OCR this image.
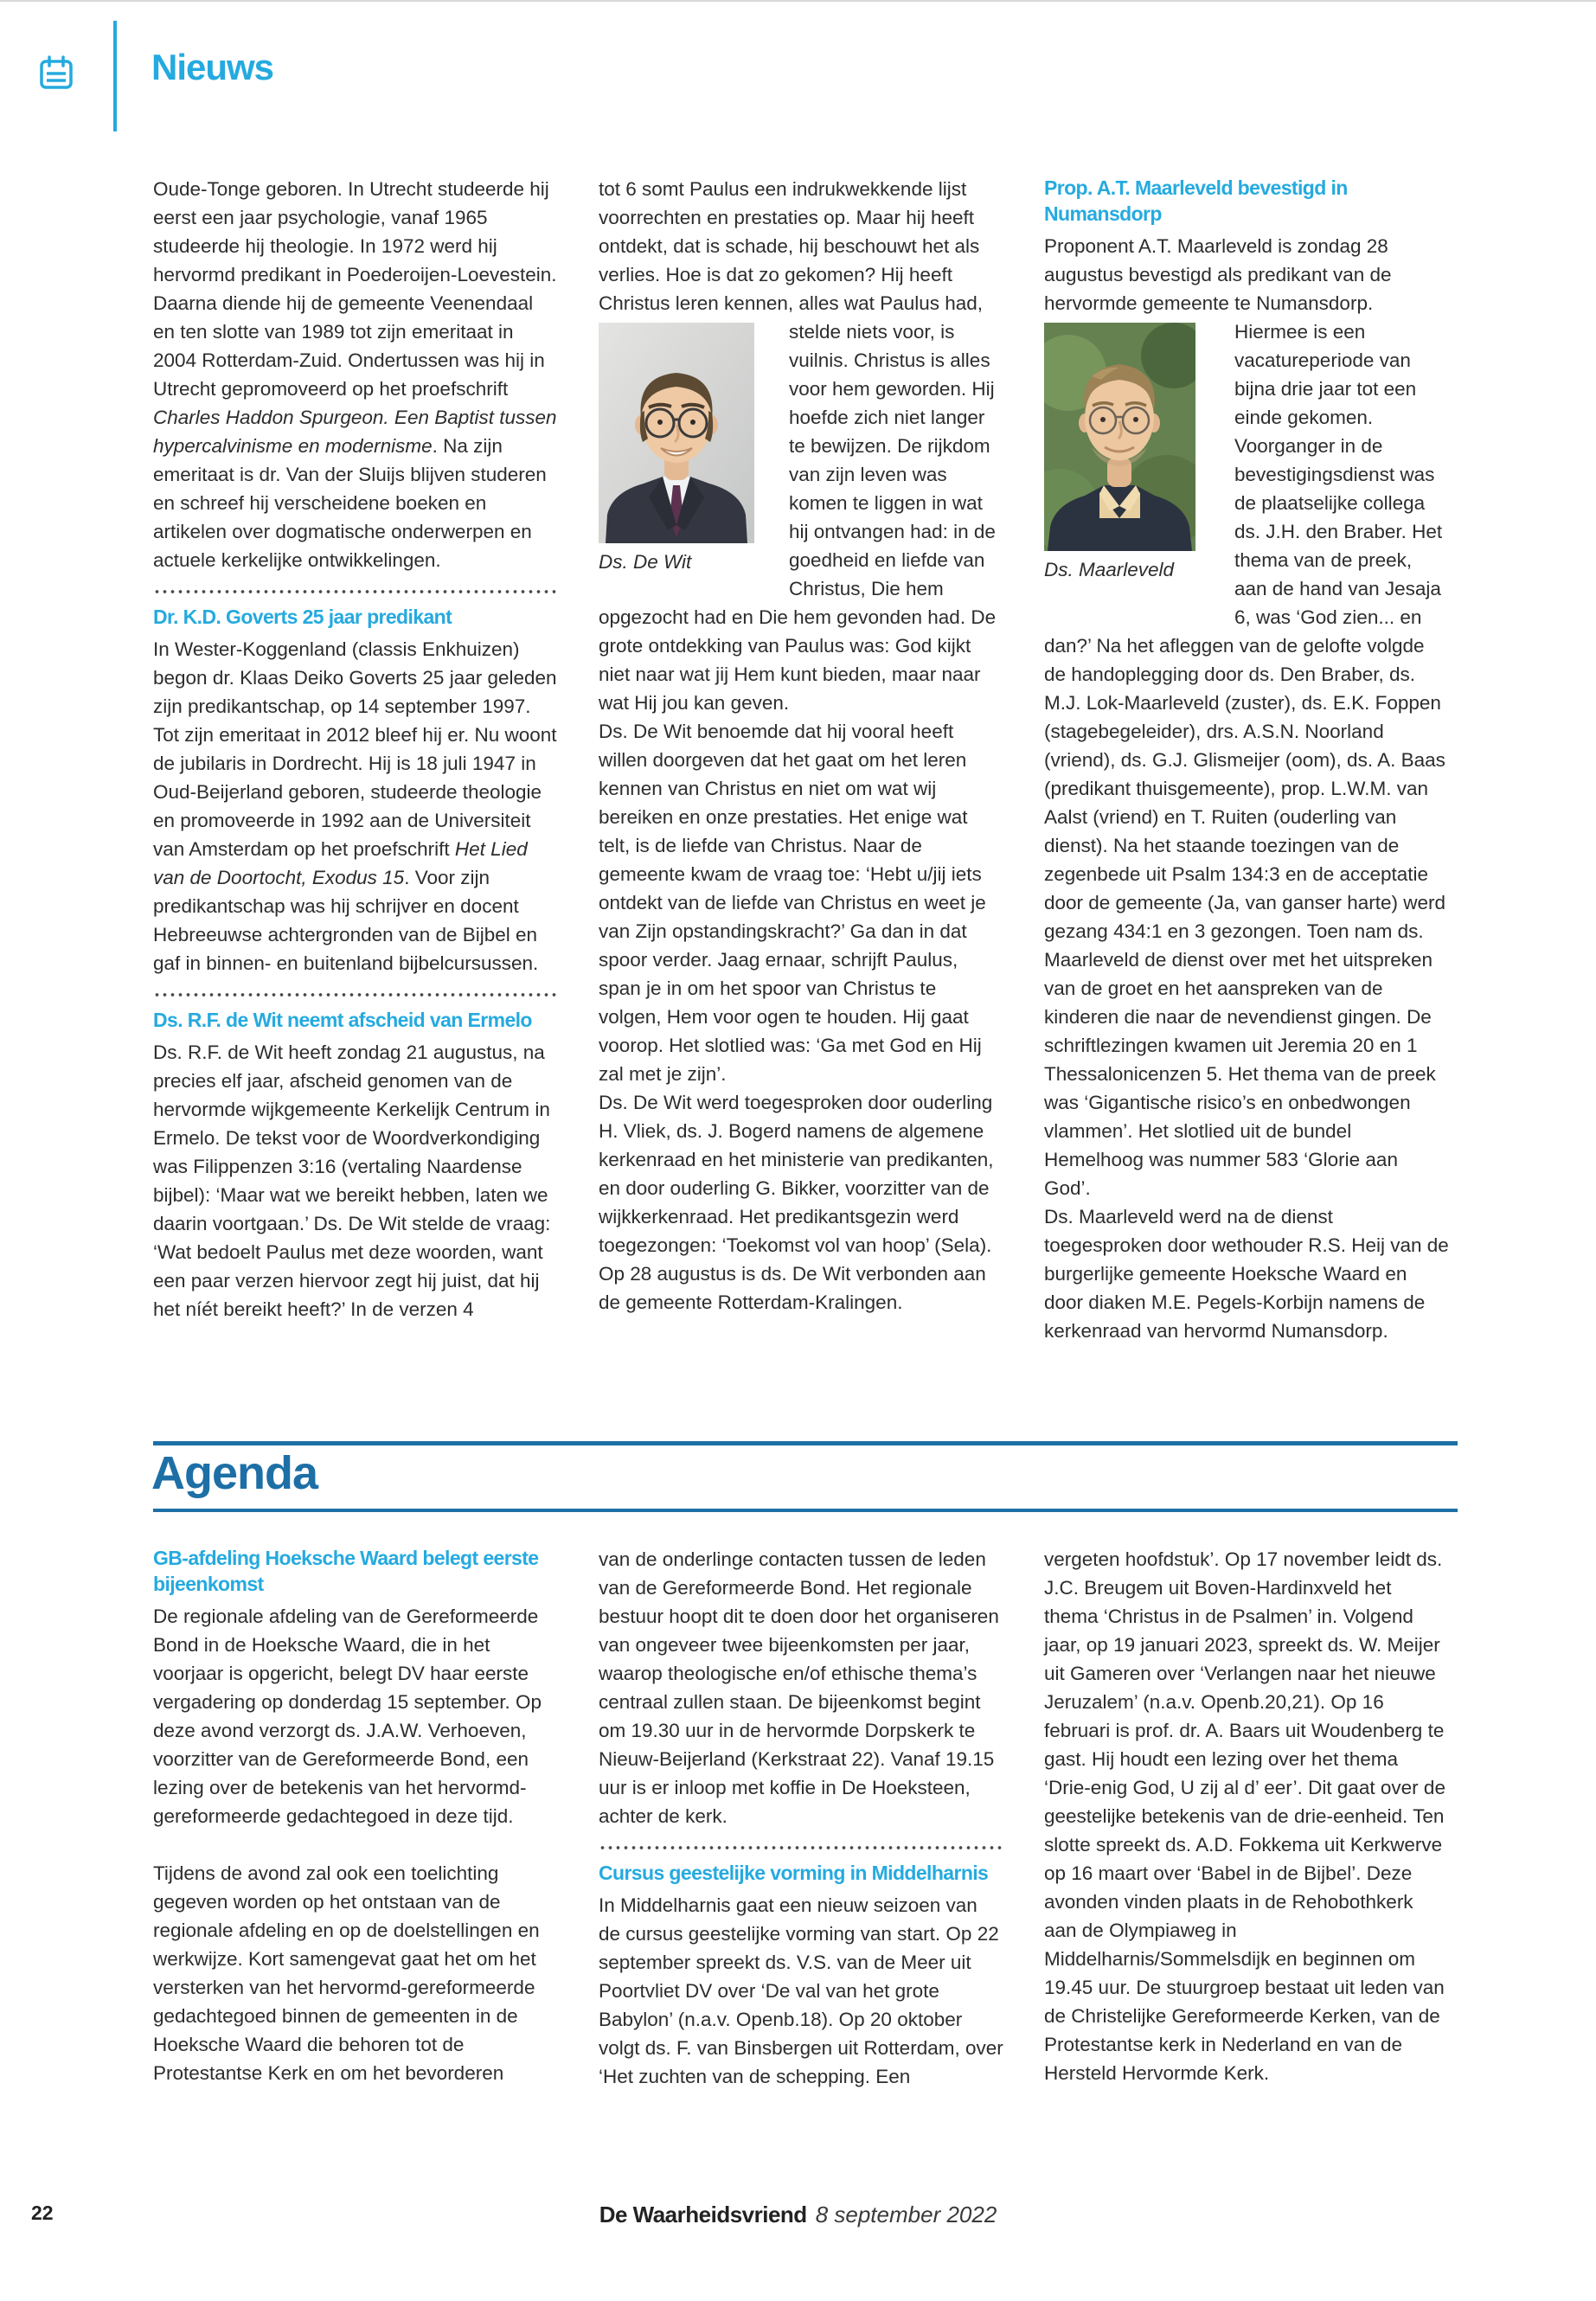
Nieuws

Oude-Tonge geboren. In Utrecht studeerde hij eerst een jaar psychologie, vanaf 1965 studeerde hij theologie. In 1972 werd hij hervormd predikant in Poederoijen-Loevestein. Daarna diende hij de gemeente Veenendaal en ten slotte van 1989 tot zijn emeritaat in 2004 Rotterdam-Zuid. Ondertussen was hij in Utrecht gepromoveerd op het proefschrift Charles Haddon Spurgeon. Een Baptist tussen hypercalvinisme en modernisme. Na zijn emeritaat is dr. Van der Sluijs blijven studeren en schreef hij verscheidene boeken en artikelen over dogmatische onderwerpen en actuele kerkelijke ontwikkelingen.

Dr. K.D. Goverts 25 jaar predikant

In Wester-Koggenland (classis Enkhuizen) begon dr. Klaas Deiko Goverts 25 jaar geleden zijn predikantschap, op 14 september 1997. Tot zijn emeritaat in 2012 bleef hij er. Nu woont de jubilaris in Dordrecht. Hij is 18 juli 1947 in Oud-Beijerland geboren, studeerde theologie en promoveerde in 1992 aan de Universiteit van Amsterdam op het proefschrift Het Lied van de Doortocht, Exodus 15. Voor zijn predikantschap was hij schrijver en docent Hebreeuwse achtergronden van de Bijbel en gaf in binnen- en buitenland bijbelcursussen.

Ds. R.F. de Wit neemt afscheid van Ermelo

Ds. R.F. de Wit heeft zondag 21 augustus, na precies elf jaar, afscheid genomen van de hervormde wijkgemeente Kerkelijk Centrum in Ermelo. De tekst voor de Woordverkondiging was Filippenzen 3:16 (vertaling Naardense bijbel): ‘Maar wat we bereikt hebben, laten we daarin voortgaan.’ Ds. De Wit stelde de vraag: ‘Wat bedoelt Paulus met deze woorden, want een paar verzen hiervoor zegt hij juist, dat hij het níét bereikt heeft?’ In de verzen 4

tot 6 somt Paulus een indrukwekkende lijst voorrechten en prestaties op. Maar hij heeft ontdekt, dat is schade, hij beschouwt het als verlies. Hoe is dat zo gekomen? Hij heeft Christus leren kennen, alles wat
Ds. De Wit
Paulus had, stelde niets voor, is vuilnis. Christus is alles voor hem geworden. Hij hoefde zich niet langer te bewijzen. De rijkdom van zijn leven was komen te liggen in wat hij ontvangen had: in de goedheid en liefde van Christus, Die hem opgezocht had en Die hem gevonden had. De grote ontdekking van Paulus was: God kijkt niet naar wat jij Hem kunt bieden, maar naar wat Hij jou kan geven.

Ds. De Wit benoemde dat hij vooral heeft willen doorgeven dat het gaat om het leren kennen van Christus en niet om wat wij bereiken en onze prestaties. Het enige wat telt, is de liefde van Christus. Naar de gemeente kwam de vraag toe: ‘Hebt u/jij iets ontdekt van de liefde van Christus en weet je van Zijn opstandingskracht?’ Ga dan in dat spoor verder. Jaag ernaar, schrijft Paulus, span je in om het spoor van Christus te volgen, Hem voor ogen te houden. Hij gaat voorop. Het slotlied was: ‘Ga met God en Hij zal met je zijn’.

Ds. De Wit werd toegesproken door ouderling H. Vliek, ds. J. Bogerd namens de algemene kerkenraad en het ministerie van predikanten, en door ouderling G. Bikker, voorzitter van de wijkkerkenraad. Het predikantsgezin werd toegezongen: ‘Toekomst vol van hoop’ (Sela).

Op 28 augustus is ds. De Wit verbonden aan de gemeente Rotterdam-Kralingen.

Prop. A.T. Maarleveld bevestigd in Numansdorp

Proponent A.T. Maarleveld is zondag 28 augustus bevestigd als predikant van de hervormde gemeente te Numansdorp.

Ds. Maarleveld
Hiermee is een vacatureperiode van bijna drie jaar tot een einde gekomen. Voorganger in de bevestigingsdienst was de plaatselijke collega ds. J.H. den Braber. Het thema van de preek, aan de hand van Jesaja 6, was ‘God zien... en dan?’ Na het afleggen van de gelofte volgde de handoplegging door ds. Den Braber, ds. M.J. Lok-Maarleveld (zuster), ds. E.K. Foppen (stagebegeleider), drs. A.S.N. Noorland (vriend), ds. G.J. Glismeijer (oom), ds. A. Baas (predikant thuisgemeente), prop. L.W.M. van Aalst (vriend) en T. Ruiten (ouderling van dienst). Na het staande toezingen van de zegenbede uit Psalm 134:3 en de acceptatie door de gemeente (Ja, van ganser harte) werd gezang 434:1 en 3 gezongen. Toen nam ds. Maarleveld de dienst over met het uitspreken van de groet en het aanspreken van de kinderen die naar de nevendienst gingen. De schriftlezingen kwamen uit Jeremia 20 en 1 Thessalonicenzen 5. Het thema van de preek was ‘Gigantische risico’s en onbedwongen vlammen’. Het slotlied uit de bundel Hemelhoog was nummer 583 ‘Glorie aan God’.

Ds. Maarleveld werd na de dienst toegesproken door wethouder R.S. Heij van de burgerlijke gemeente Hoeksche Waard en door diaken M.E. Pegels-Korbijn namens de kerkenraad van hervormd Numansdorp.

Agenda
GB-afdeling Hoeksche Waard belegt eerste bijeenkomst

De regionale afdeling van de Gereformeerde Bond in de Hoeksche Waard, die in het voorjaar is opgericht, belegt DV haar eerste vergadering op donderdag 15 september. Op deze avond verzorgt ds. J.A.W. Verhoeven, voorzitter van de Gereformeerde Bond, een lezing over de betekenis van het hervormd-gereformeerde gedachtegoed in deze tijd.

Tijdens de avond zal ook een toelichting gegeven worden op het ontstaan van de regionale afdeling en op de doelstellingen en werkwijze. Kort samengevat gaat het om het versterken van het hervormd-gereformeerde gedachtegoed binnen de gemeenten in de Hoeksche Waard die behoren tot de Protestantse Kerk en om het bevorderen

van de onderlinge contacten tussen de leden van de Gereformeerde Bond. Het regionale bestuur hoopt dit te doen door het organiseren van ongeveer twee bijeenkomsten per jaar, waarop theologische en/of ethische thema’s centraal zullen staan. De bijeenkomst begint om 19.30 uur in de hervormde Dorpskerk te Nieuw-Beijerland (Kerkstraat 22). Vanaf 19.15 uur is er inloop met koffie in De Hoeksteen, achter de kerk.

Cursus geestelijke vorming in Middelharnis

In Middelharnis gaat een nieuw seizoen van de cursus geestelijke vorming van start. Op 22 september spreekt ds. V.S. van de Meer uit Poortvliet DV over ‘De val van het grote Babylon’ (n.a.v. Openb.18). Op 20 oktober volgt ds. F. van Binsbergen uit Rotterdam, over ‘Het zuchten van de schepping. Een

vergeten hoofdstuk’. Op 17 november leidt ds. J.C. Breugem uit Boven-Hardinxveld het thema ‘Christus in de Psalmen’ in. Volgend jaar, op 19 januari 2023, spreekt ds. W. Meijer uit Gameren over ‘Verlangen naar het nieuwe Jeruzalem’ (n.a.v. Openb.20,21). Op 16 februari is prof. dr. A. Baars uit Woudenberg te gast. Hij houdt een lezing over het thema ‘Drie-enig God, U zij al d’ eer’. Dit gaat over de geestelijke betekenis van de drie-eenheid. Ten slotte spreekt ds. A.D. Fokkema uit Kerkwerve op 16 maart over ‘Babel in de Bijbel’. Deze avonden vinden plaats in de Rehobothkerk aan de Olympiaweg in Middelharnis/Sommelsdijk en beginnen om 19.45 uur. De stuurgroep bestaat uit leden van de Christelijke Gereformeerde Kerken, van de Protestantse kerk in Nederland en van de Hersteld Hervormde Kerk.

22	De Waarheidsvriend 8 september 2022
